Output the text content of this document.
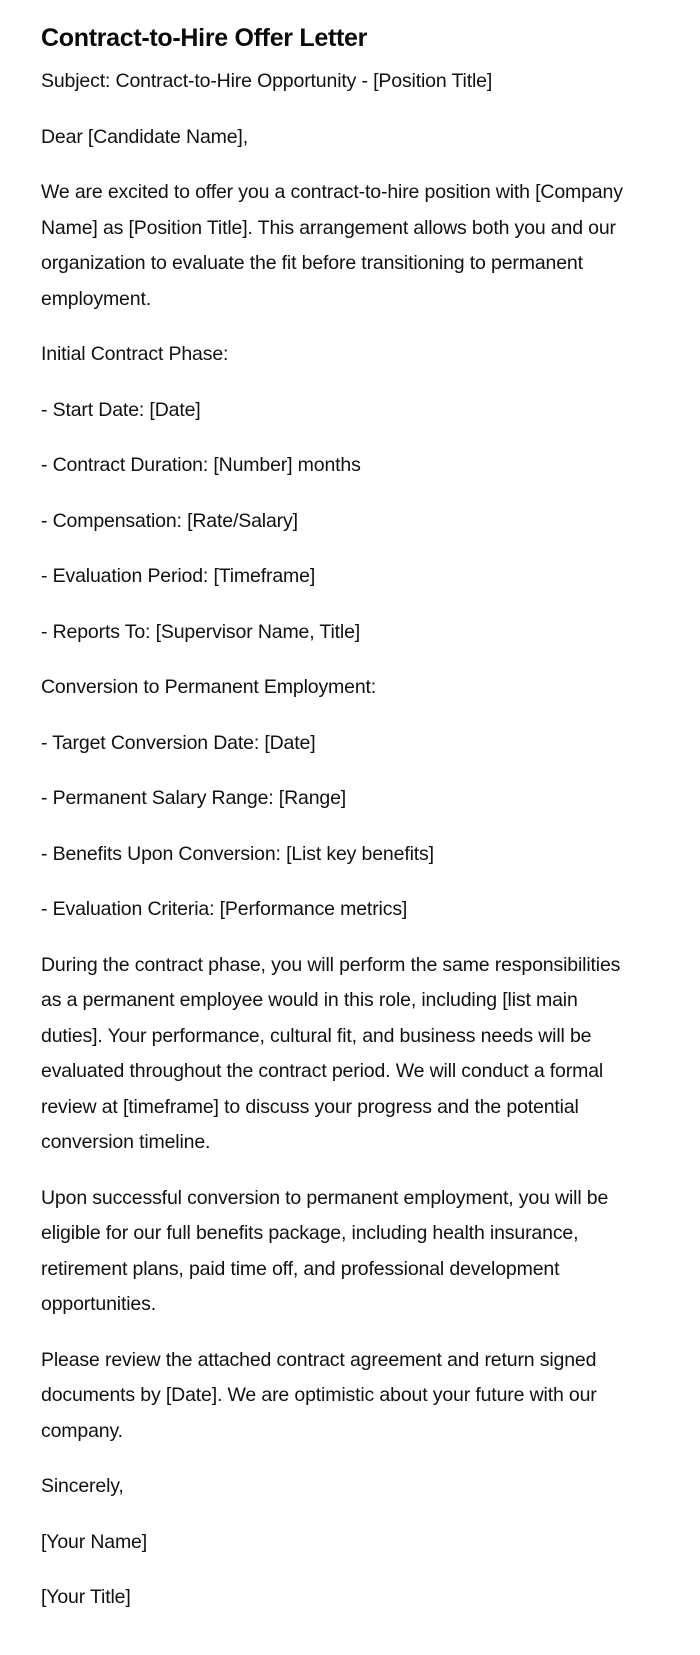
Contract-to-Hire Offer Letter

Subject: Contract-to-Hire Opportunity - [Position Title]

Dear [Candidate Name],

We are excited to offer you a contract-to-hire position with [Company Name] as [Position Title]. This arrangement allows both you and our organization to evaluate the fit before transitioning to permanent employment.

Initial Contract Phase:

- Start Date: [Date]

- Contract Duration: [Number] months

- Compensation: [Rate/Salary]

- Evaluation Period: [Timeframe]

- Reports To: [Supervisor Name, Title]

Conversion to Permanent Employment:

- Target Conversion Date: [Date]

- Permanent Salary Range: [Range]

- Benefits Upon Conversion: [List key benefits]

- Evaluation Criteria: [Performance metrics]

During the contract phase, you will perform the same responsibilities as a permanent employee would in this role, including [list main duties]. Your performance, cultural fit, and business needs will be evaluated throughout the contract period. We will conduct a formal review at [timeframe] to discuss your progress and the potential conversion timeline.

Upon successful conversion to permanent employment, you will be eligible for our full benefits package, including health insurance, retirement plans, paid time off, and professional development opportunities.

Please review the attached contract agreement and return signed documents by [Date]. We are optimistic about your future with our company.

Sincerely,

[Your Name]

[Your Title]
